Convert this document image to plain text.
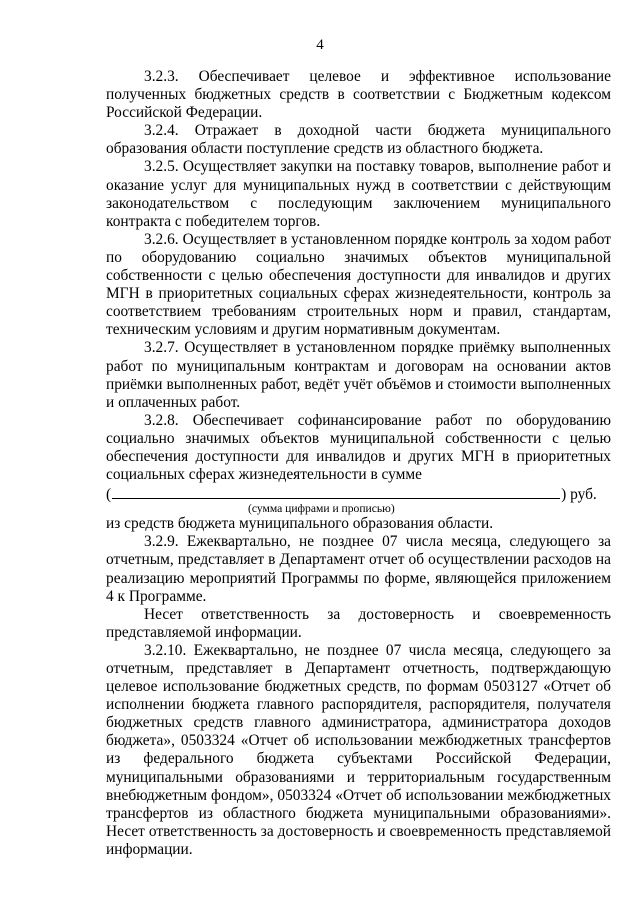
4

3.2.3. Обеспечивает целевое и эффективное использование полученных бюджетных средств в соответствии с Бюджетным кодексом Российской Федерации.

3.2.4. Отражает в доходной части бюджета муниципального образования области поступление средств из областного бюджета.

3.2.5. Осуществляет закупки на поставку товаров, выполнение работ и оказание услуг для муниципальных нужд в соответствии с действующим законодательством с последующим заключением муниципального контракта с победителем торгов.

3.2.6. Осуществляет в установленном порядке контроль за ходом работ по оборудованию социально значимых объектов муниципальной собственности с целью обеспечения доступности для инвалидов и других МГН в приоритетных социальных сферах жизнедеятельности, контроль за соответствием требованиям строительных норм и правил, стандартам, техническим условиям и другим нормативным документам.

3.2.7. Осуществляет в установленном порядке приёмку выполненных работ по муниципальным контрактам и договорам на основании актов приёмки выполненных работ, ведёт учёт объёмов и стоимости выполненных и оплаченных работ.

3.2.8. Обеспечивает софинансирование работ по оборудованию социально значимых объектов муниципальной собственности с целью обеспечения доступности для инвалидов и других МГН в приоритетных социальных сферах жизнедеятельности в сумме

(	) руб.

(сумма цифрами и прописью)

из средств бюджета муниципального образования области.

3.2.9. Ежеквартально, не позднее 07 числа месяца, следующего за отчетным, представляет в Департамент отчет об осуществлении расходов на реализацию мероприятий Программы по форме, являющейся приложением 4 к Программе.

Несет ответственность за достоверность и своевременность представляемой информации.

3.2.10. Ежеквартально, не позднее 07 числа месяца, следующего за отчетным, представляет в Департамент отчетность, подтверждающую целевое использование бюджетных средств, по формам 0503127 «Отчет об исполнении бюджета главного распорядителя, распорядителя, получателя бюджетных средств главного администратора, администратора доходов бюджета», 0503324 «Отчет об использовании межбюджетных трансфертов из федерального бюджета субъектами Российской Федерации, муниципальными образованиями и территориальным государственным внебюджетным фондом», 0503324 «Отчет об использовании межбюджетных трансфертов из областного бюджета муниципальными образованиями». Несет ответственность за достоверность и своевременность представляемой информации.
